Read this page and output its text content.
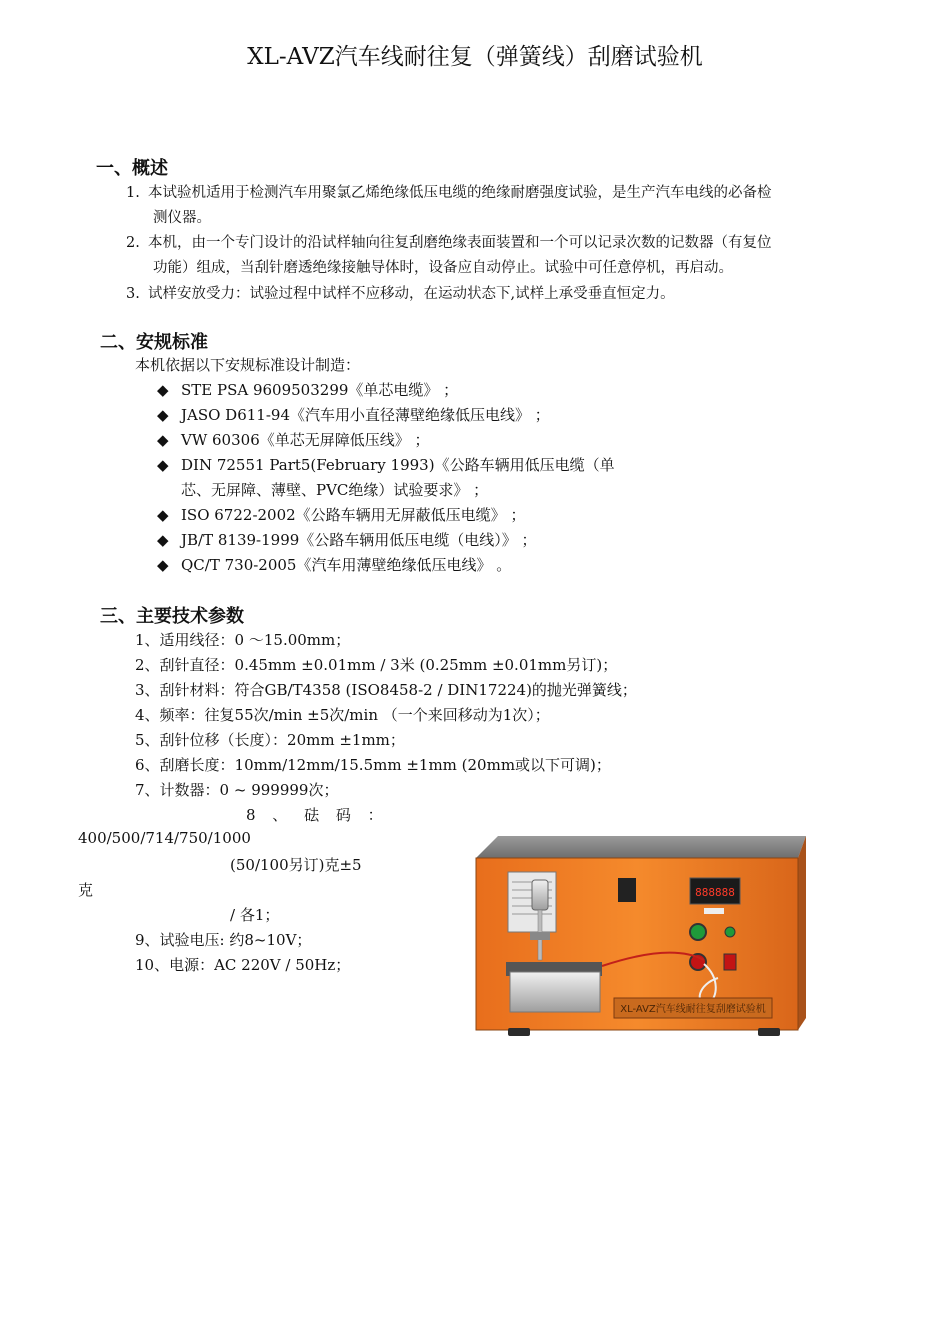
XL-AVZ汽车线耐往复（弹簧线）刮磨试验机
一、概述
1. 本试验机适用于检测汽车用聚氯乙烯绝缘低压电缆的绝缘耐磨强度试验，是生产汽车电线的必备检
测仪器。
2. 本机，由一个专门设计的沿试样轴向往复刮磨绝缘表面装置和一个可以记录次数的记数器（有复位
功能）组成，当刮针磨透绝缘接触导体时，设备应自动停止。试验中可任意停机，再启动。
3. 试样安放受力：试验过程中试样不应移动，在运动状态下,试样上承受垂直恒定力。
二、安规标准
本机依据以下安规标准设计制造：
◆ STE PSA 9609503299《单芯电缆》 ；
◆ JASO D611-94《汽车用小直径薄壁绝缘低压电线》 ；
◆ VW 60306《单芯无屏障低压线》 ；
◆ DIN 72551 Part5(February 1993)《公路车辆用低压电缆（单
芯、无屏障、薄壁、PVC绝缘）试验要求》 ；
◆ ISO 6722-2002《公路车辆用无屏蔽低压电缆》 ；
◆ JB/T 8139-1999《公路车辆用低压电缆（电线）》 ；
◆ QC/T 730-2005《汽车用薄壁绝缘低压电线》 。
三、主要技术参数
1、适用线径：0 ～15.00mm；
2、刮针直径：0.45mm ±0.01mm / 3米 (0.25mm ±0.01mm另订)；
3、刮针材料：符合GB/T4358 (ISO8458-2 / DIN17224)的抛光弹簧线；
4、频率：往复55次/min ±5次/min （一个来回移动为1次）；
5、刮针位移（长度）：20mm ±1mm；
6、刮磨长度：10mm/12mm/15.5mm ±1mm (20mm或以下可调)；
7、计数器：0 ~ 999999次；
8 、 砝 码 ：
400/500/714/750/1000
(50/100另订)克±5
克
/ 各1；
9、试验电压: 约8~10V；
10、电源：AC 220V / 50Hz；
888888
XL-AVZ汽车线耐往复刮磨试验机
